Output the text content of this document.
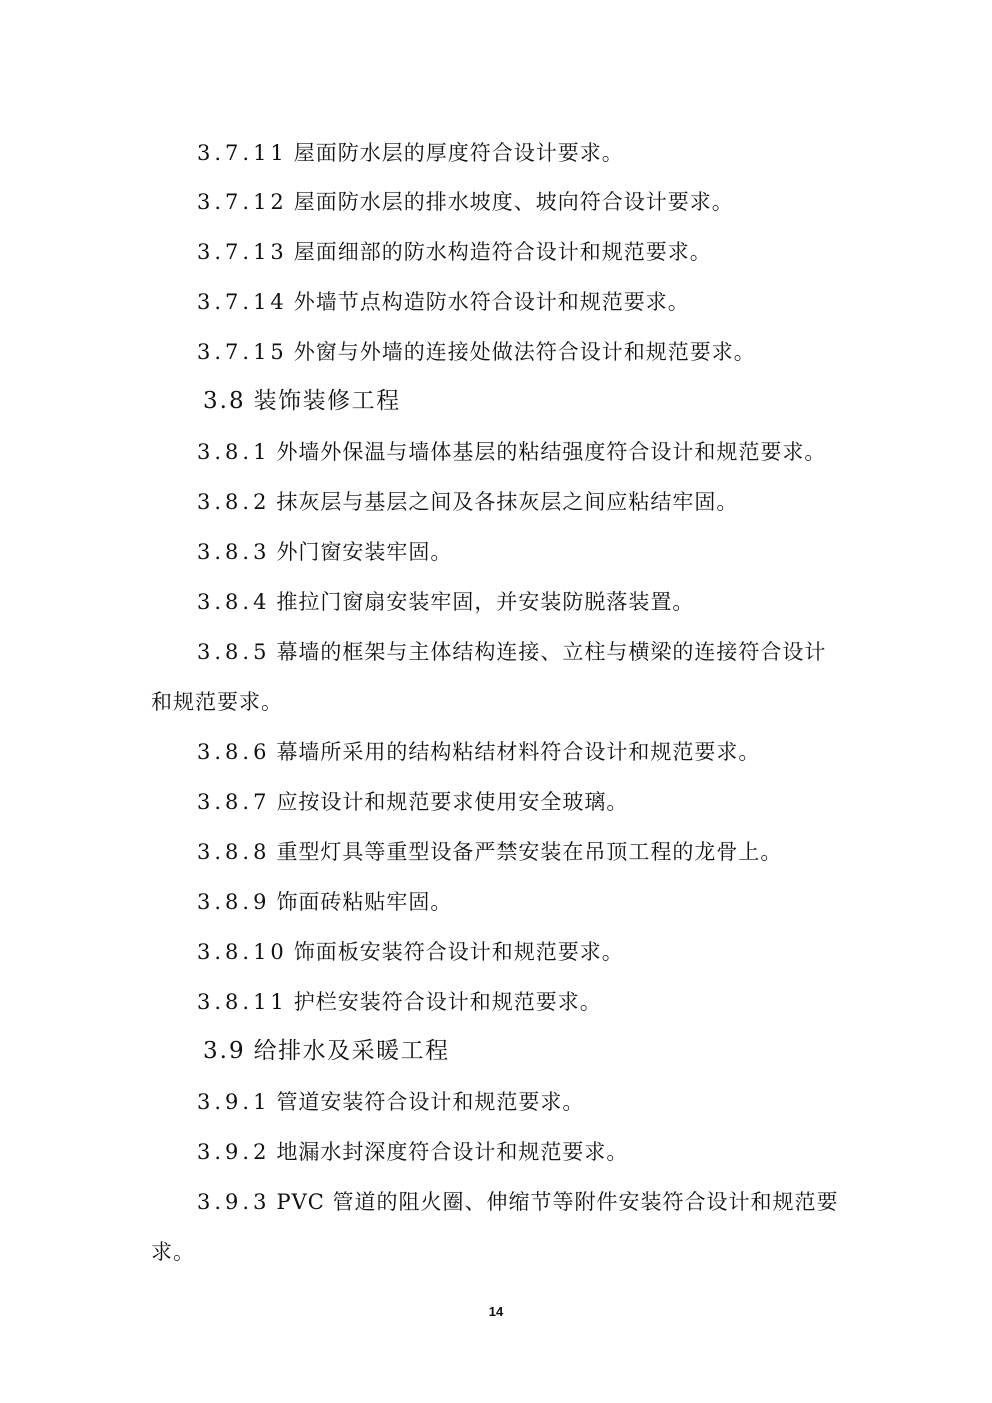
3.7.11 屋面防水层的厚度符合设计要求。
3.7.12 屋面防水层的排水坡度、坡向符合设计要求。
3.7.13 屋面细部的防水构造符合设计和规范要求。
3.7.14 外墙节点构造防水符合设计和规范要求。
3.7.15 外窗与外墙的连接处做法符合设计和规范要求。
3.8 装饰装修工程
3.8.1 外墙外保温与墙体基层的粘结强度符合设计和规范要求。
3.8.2 抹灰层与基层之间及各抹灰层之间应粘结牢固。
3.8.3 外门窗安装牢固。
3.8.4 推拉门窗扇安装牢固，并安装防脱落装置。
3.8.5 幕墙的框架与主体结构连接、立柱与横梁的连接符合设计
和规范要求。
3.8.6 幕墙所采用的结构粘结材料符合设计和规范要求。
3.8.7 应按设计和规范要求使用安全玻璃。
3.8.8 重型灯具等重型设备严禁安装在吊顶工程的龙骨上。
3.8.9 饰面砖粘贴牢固。
3.8.10 饰面板安装符合设计和规范要求。
3.8.11 护栏安装符合设计和规范要求。
3.9 给排水及采暖工程
3.9.1 管道安装符合设计和规范要求。
3.9.2 地漏水封深度符合设计和规范要求。
3.9.3 PVC 管道的阻火圈、伸缩节等附件安装符合设计和规范要
求。
14
